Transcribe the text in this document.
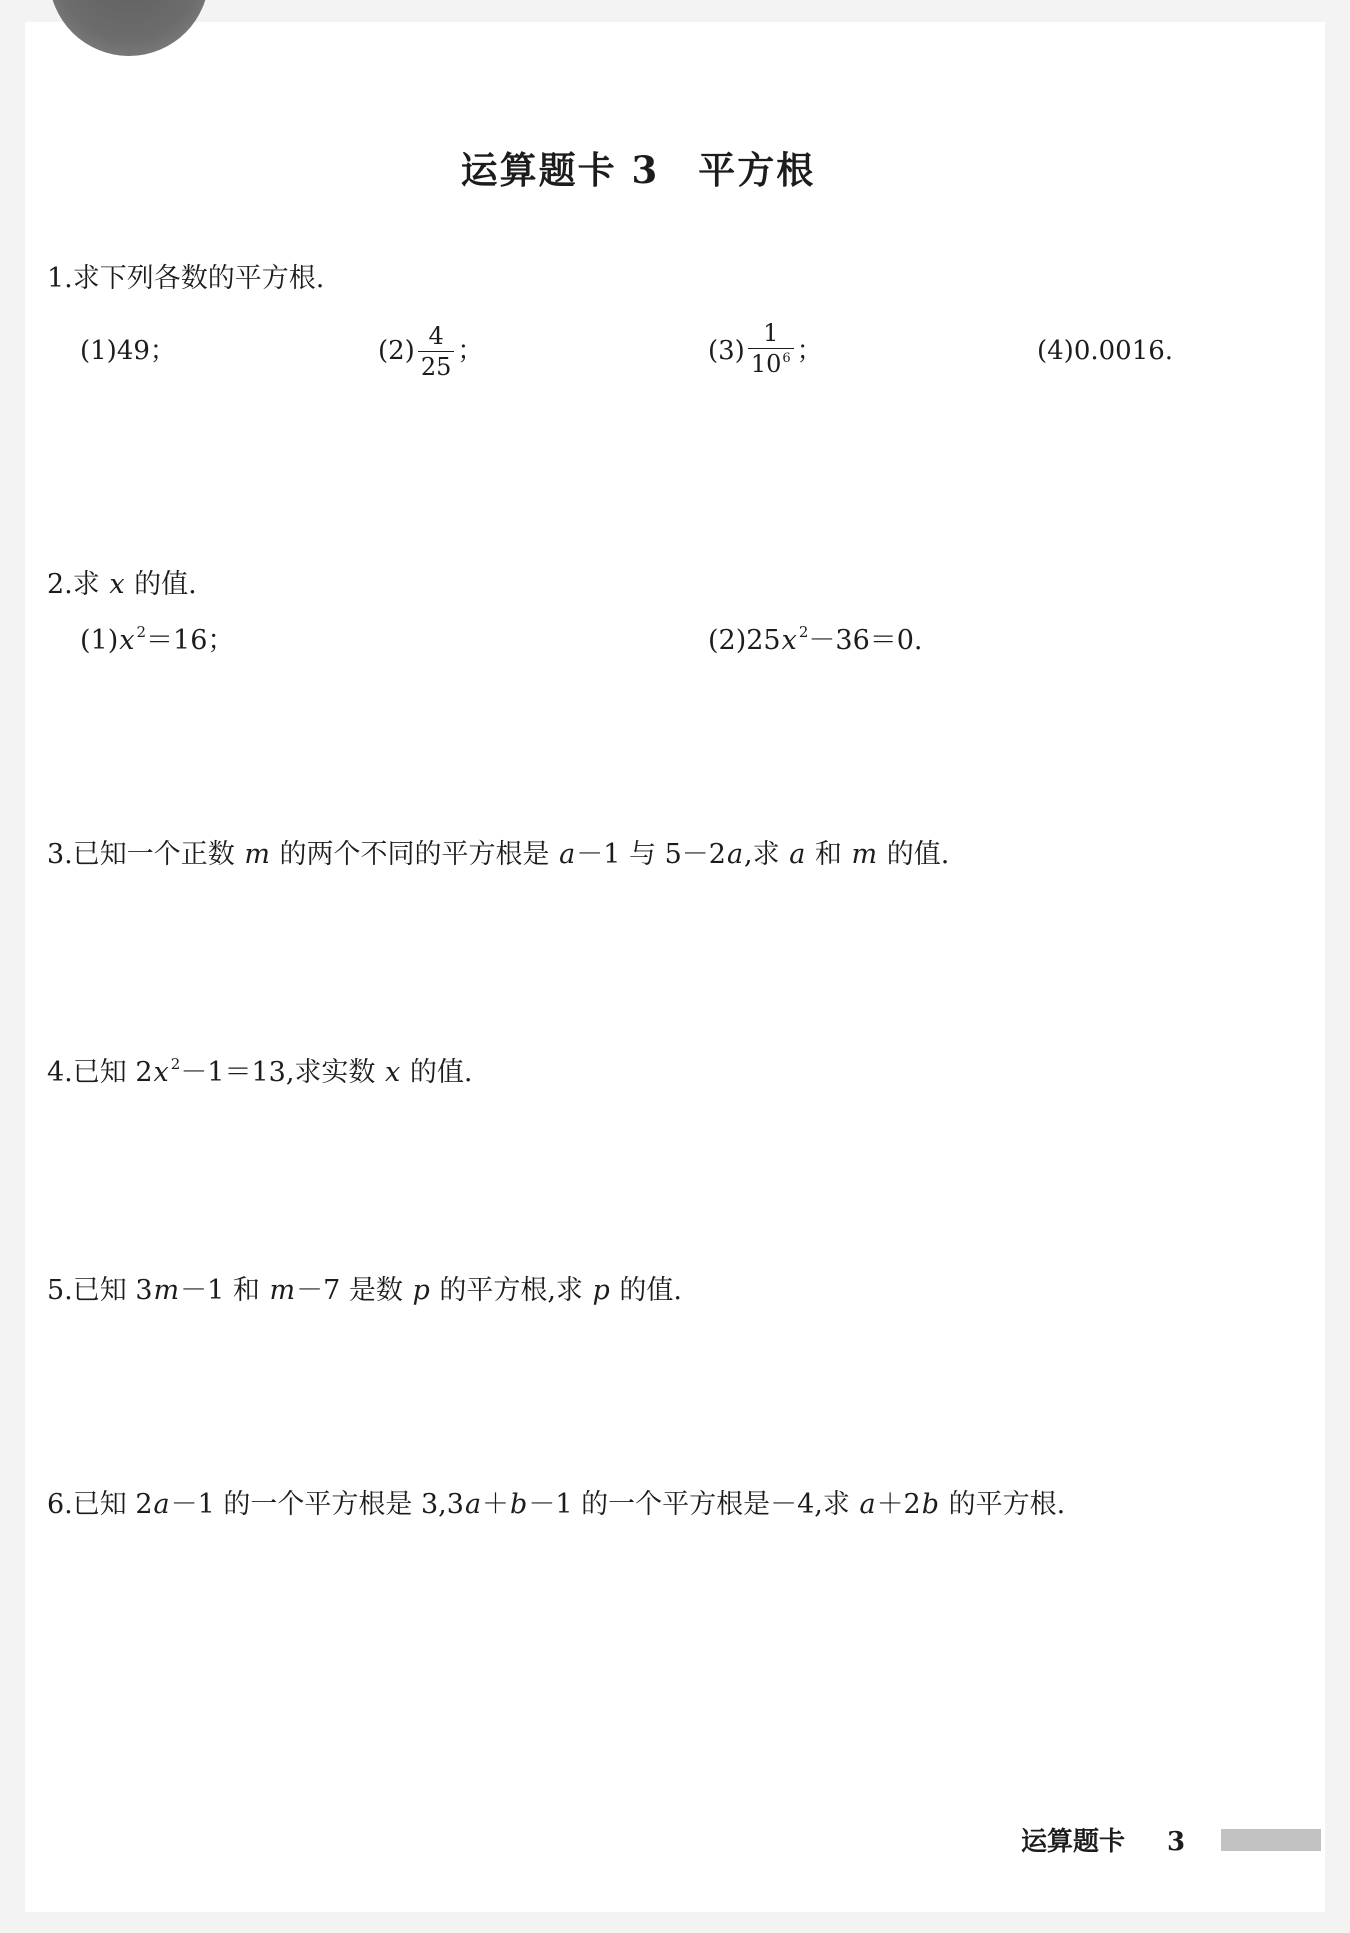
运算题卡 3　平方根
1.求下列各数的平方根.
(1)49；	$(2) \frac{4}{25}$ ；	$(3) \frac{1}{10 6}$ ；	(4)0.0016.
2.求 x 的值.
(1) x 2 ＝16；	(2)25 x 2 －36＝0.
3.已知一个正数 m 的两个不同的平方根是 a －1 与 5－2 a ,求 a 和 m 的值.
4.已知 2 x 2 －1＝13,求实数 x 的值.
5.已知 3 m －1 和 m －7 是数 p 的平方根,求 p 的值.
6.已知 2 a －1 的一个平方根是 3,3 a ＋ b －1 的一个平方根是－4,求 a ＋2 b 的平方根.
运算题卡 3
